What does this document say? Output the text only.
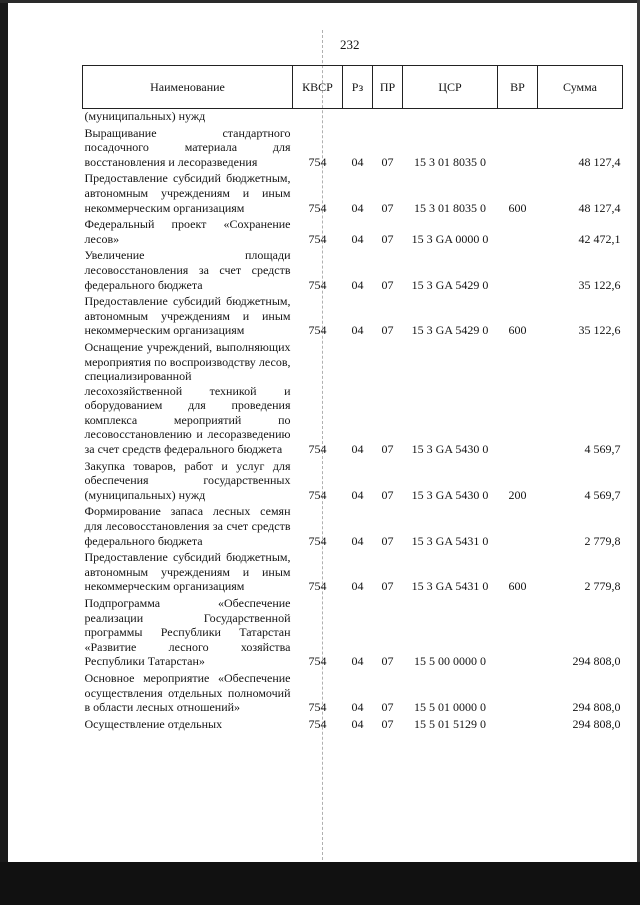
232
Наименование	КВСР	Рз	ПР	ЦСР	ВР	Сумма
(муниципальных) нужд						
Выращивание стандартного посадочного материала для восстановления и лесоразведения	754	04	07	15 3 01 8035 0		48 127,4
Предоставление субсидий бюджетным, автономным учреждениям и иным некоммерческим организациям	754	04	07	15 3 01 8035 0	600	48 127,4
Федеральный проект «Сохранение лесов»	754	04	07	15 3 GA 0000 0		42 472,1
Увеличение площади лесовосстановления за счет средств федерального бюджета	754	04	07	15 3 GA 5429 0		35 122,6
Предоставление субсидий бюджетным, автономным учреждениям и иным некоммерческим организациям	754	04	07	15 3 GA 5429 0	600	35 122,6
Оснащение учреждений, выполняющих мероприятия по воспроизводству лесов, специализированной лесохозяйственной техникой и оборудованием для проведения комплекса мероприятий по лесовосстановлению и лесоразведению за счет средств федерального бюджета	754	04	07	15 3 GA 5430 0		4 569,7
Закупка товаров, работ и услуг для обеспечения государственных (муниципальных) нужд	754	04	07	15 3 GA 5430 0	200	4 569,7
Формирование запаса лесных семян для лесовосстановления за счет средств федерального бюджета	754	04	07	15 3 GA 5431 0		2 779,8
Предоставление субсидий бюджетным, автономным учреждениям и иным некоммерческим организациям	754	04	07	15 3 GA 5431 0	600	2 779,8
Подпрограмма «Обеспечение реализации Государственной программы Республики Татарстан «Развитие лесного хозяйства Республики Татарстан»	754	04	07	15 5 00 0000 0		294 808,0
Основное мероприятие «Обеспечение осуществления отдельных полномочий в области лесных отношений»	754	04	07	15 5 01 0000 0		294 808,0
Осуществление отдельных	754	04	07	15 5 01 5129 0		294 808,0
